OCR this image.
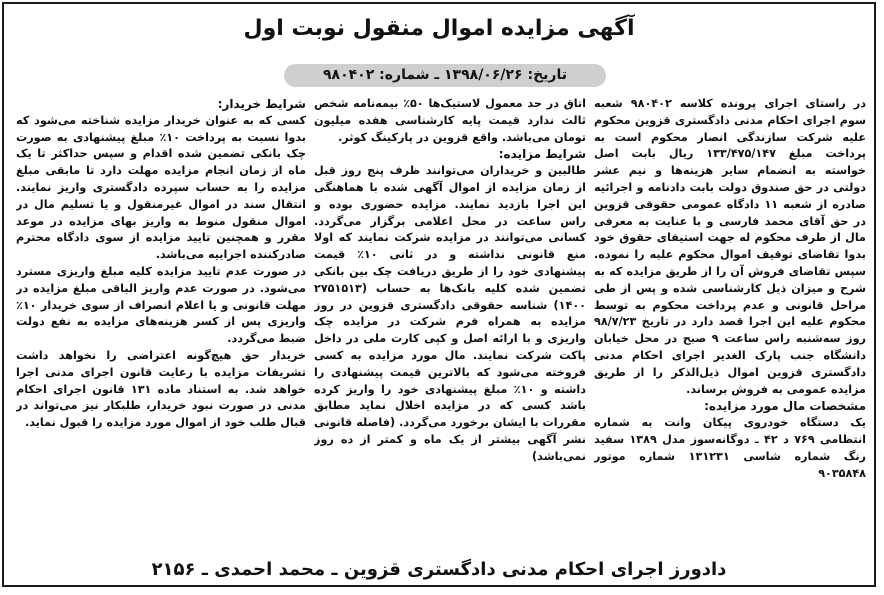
آگهی مزایده اموال منقول نوبت اول
تاریخ: ۱۳۹۸/۰۶/۲۶ ـ شماره: ۹۸۰۴۰۲

در راستای اجرای پرونده کلاسه ۹۸۰۴۰۲ شعبه سوم اجرای احکام مدنی دادگستری قزوین محکوم علیه شرکت سازندگی انصار محکوم است به پرداخت مبلغ ۱۳۳/۴۷۵/۱۴۷ ریال بابت اصل خواسته به انضمام سایر هزینه‌ها و نیم عشر دولتی در حق صندوق دولت بابت دادنامه و اجرائیه صادره از شعبه ۱۱ دادگاه عمومی حقوقی قزوین در حق آقای محمد فارسی و با عنایت به معرفی مال از طرف محکوم له جهت استیفای حقوق خود بدوا تقاضای توقیف اموال محکوم علیه را نموده. سپس تقاضای فروش آن را از طریق مزایده که به شرح و میزان ذیل کارشناسی شده و پس از طی مراحل قانونی و عدم پرداخت محکوم به توسط محکوم علیه این اجرا قصد دارد در تاریخ ۹۸/۷/۲۳ روز سه‌شنبه راس ساعت ۹ صبح در محل خیابان دانشگاه جنب پارک الغدیر اجرای احکام مدنی دادگستری قزوین اموال ذیل‌الذکر را از طریق مزایده عمومی به فروش برساند.

مشخصات مال مورد مزایده:

یک دستگاه خودروی پیکان وانت به شماره انتظامی ۷۶۹ د ۴۲ ـ دوگانه‌سوز مدل ۱۳۸۹ سفید رنگ شماره شاسی ۱۳۱۲۳۱ شماره موتور ۹۰۳۵۸۴۸

اتاق در حد معمول لاستیک‌ها ۵۰٪ بیمه‌نامه شخص ثالث ندارد قیمت پایه کارشناسی هفده میلیون تومان می‌باشد. واقع قزوین در پارکینگ کوثر.

شرایط مزایده:

طالبین و خریداران می‌توانند ظرف پنج روز قبل از زمان مزایده از اموال آگهی شده با هماهنگی این اجرا بازدید نمایند. مزایده حضوری بوده و راس ساعت در محل اعلامی برگزار می‌گردد. کسانی می‌توانند در مزایده شرکت نمایند که اولا منع قانونی نداشته و در ثانی ۱۰٪ قیمت پیشنهادی خود را از طریق دریافت چک بین بانکی تضمین شده کلیه بانک‌ها به حساب (۲۷۵۱۵۱۳ ۱۴۰۰) شناسه حقوقی دادگستری قزوین در روز مزایده به همراه فرم شرکت در مزایده چک واریزی و با ارائه اصل و کپی کارت ملی در داخل پاکت شرکت نمایند. مال مورد مزایده به کسی فروخته می‌شود که بالاترین قیمت پیشنهادی را داشته و ۱۰٪ مبلغ پیشنهادی خود را واریز کرده باشد کسی که در مزایده اخلال نماید مطابق مقررات با ایشان برخورد می‌گردد. (فاصله قانونی نشر آگهی بیشتر از یک ماه و کمتر از ده روز نمی‌باشد)

شرایط خریدار:

کسی که به عنوان خریدار مزایده شناخته می‌شود که بدوا نسبت به پرداخت ۱۰٪ مبلغ پیشنهادی به صورت چک بانکی تضمین شده اقدام و سپس حداکثر تا یک ماه از زمان انجام مزایده مهلت دارد تا مابقی مبلغ مزایده را به حساب سپرده دادگستری واریز نمایند. انتقال سند در اموال غیرمنقول و یا تسلیم مال در اموال منقول منوط به واریز بهای مزایده در موعد مقرر و همچنین تایید مزایده از سوی دادگاه محترم صادرکننده اجراییه می‌باشد.

در صورت عدم تایید مزایده کلیه مبلغ واریزی مسترد می‌شود. در صورت عدم واریز الباقی مبلغ مزایده در مهلت قانونی و یا اعلام انصراف از سوی خریدار ۱۰٪ واریزی پس از کسر هزینه‌های مزایده به نفع دولت ضبط می‌گردد.

خریدار حق هیچ‌گونه اعتراضی را نخواهد داشت تشریفات مزایده با رعایت قانون اجرای مدنی اجرا خواهد شد. به استناد ماده ۱۳۱ قانون اجرای احکام مدنی در صورت نبود خریدار، طلبکار نیز می‌تواند در قبال طلب خود از اموال مورد مزایده را قبول نماید.

دادورز اجرای احکام مدنی دادگستری قزوین ـ محمد احمدی ـ ۲۱۵۶
